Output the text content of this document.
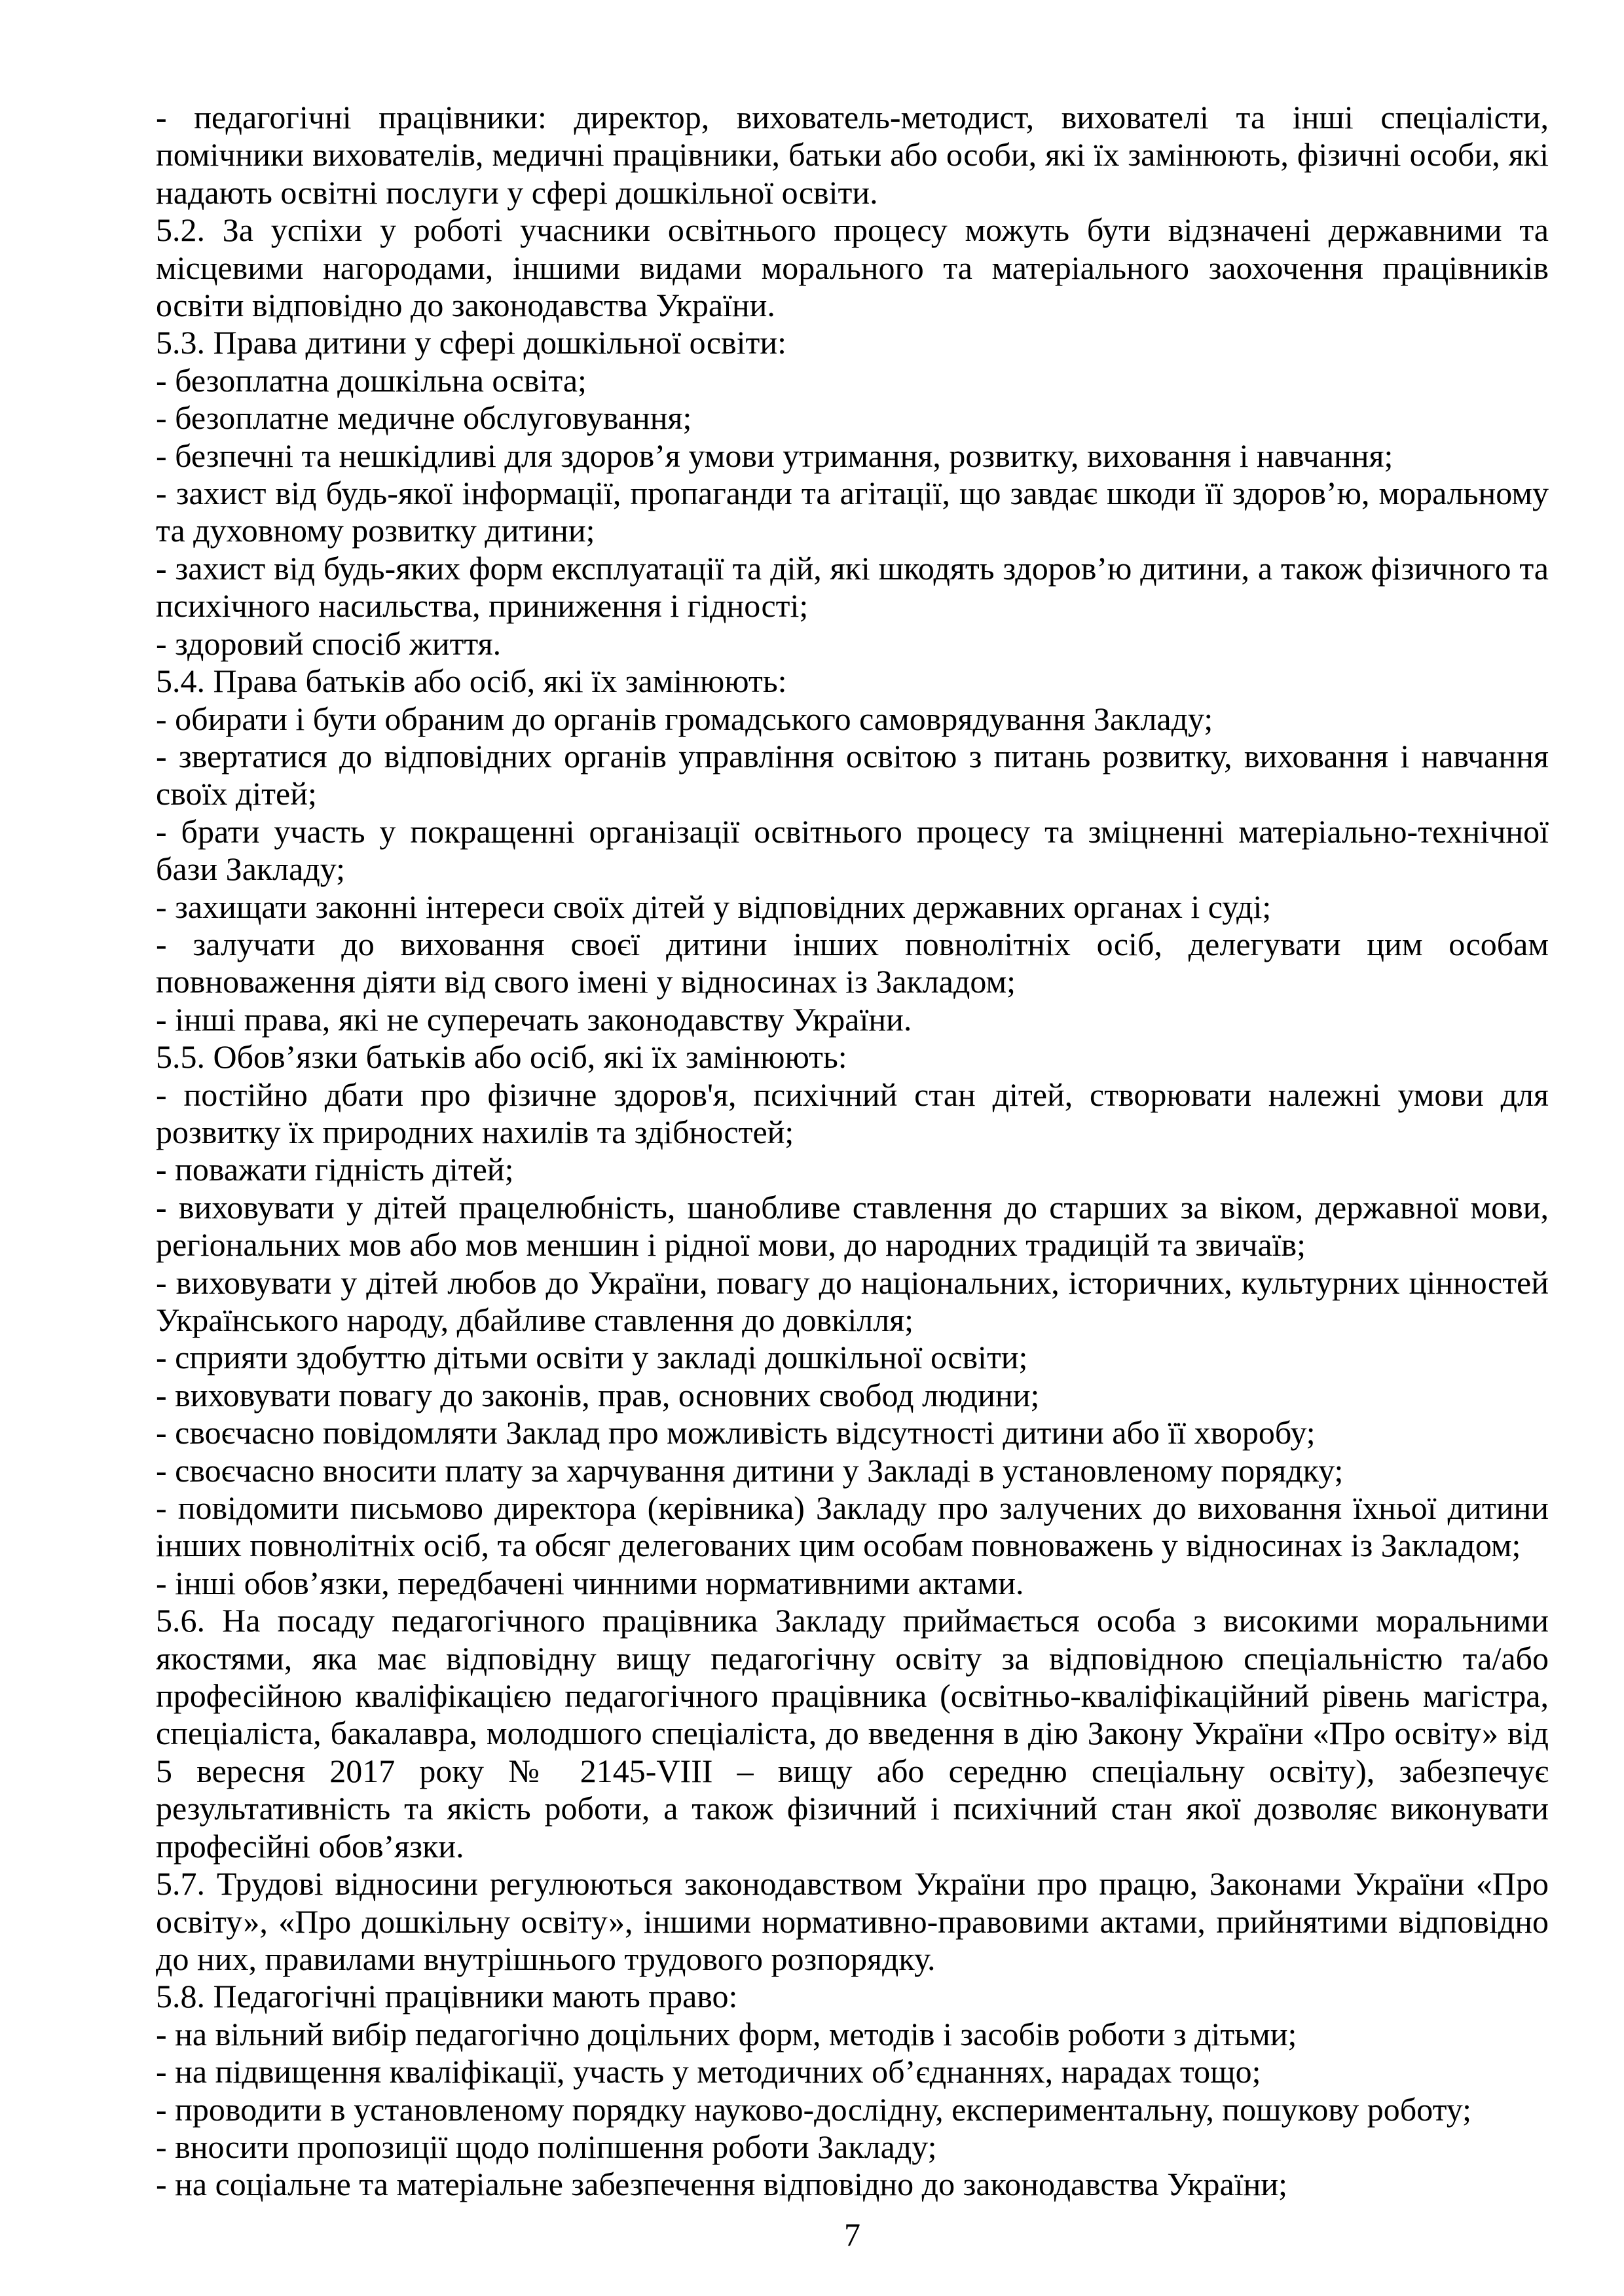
- педагогічні працівники: директор, вихователь-методист, вихователі та інші спеціалісти, помічники вихователів, медичні працівники, батьки або особи, які їх замінюють, фізичні особи, які надають освітні послуги у сфері дошкільної освіти.

5.2. За успіхи у роботі учасники освітнього процесу можуть бути відзначені державними та місцевими нагородами, іншими видами морального та матеріального заохочення працівників освіти відповідно до законодавства України.

5.3. Права дитини у сфері дошкільної освіти:

- безоплатна дошкільна освіта;

- безоплатне медичне обслуговування;

- безпечні та нешкідливі для здоров’я умови утримання, розвитку, виховання і навчання;

- захист від будь-якої інформації, пропаганди та агітації, що завдає шкоди її здоров’ю, моральному та духовному розвитку дитини;

- захист від будь-яких форм експлуатації та дій, які шкодять здоров’ю дитини, а також фізичного та психічного насильства, приниження і гідності;

- здоровий спосіб життя.

5.4. Права батьків або осіб, які їх замінюють:

- обирати і бути обраним до органів громадського самоврядування Закладу;

- звертатися до відповідних органів управління освітою з питань розвитку, виховання і навчання своїх дітей;

- брати участь у покращенні організації освітнього процесу та зміцненні матеріально-технічної бази Закладу;

- захищати законні інтереси своїх дітей у відповідних державних органах і суді;

- залучати до виховання своєї дитини інших повнолітніх осіб, делегувати цим особам повноваження діяти від свого імені у відносинах із Закладом;

- інші права, які не суперечать законодавству України.

5.5. Обов’язки батьків або осіб, які їх замінюють:

- постійно дбати про фізичне здоров'я, психічний стан дітей, створювати належні умови для розвитку їх природних нахилів та здібностей;

- поважати гідність дітей;

- виховувати у дітей працелюбність, шанобливе ставлення до старших за віком, державної мови, регіональних мов або мов меншин і рідної мови, до народних традицій та звичаїв;

- виховувати у дітей любов до України, повагу до національних, історичних, культурних цінностей Українського народу, дбайливе ставлення до довкілля;

- сприяти здобуттю дітьми освіти у закладі дошкільної освіти;

- виховувати повагу до законів, прав, основних свобод людини;

- своєчасно повідомляти Заклад про можливість відсутності дитини або її хворобу;

- своєчасно вносити плату за харчування дитини у Закладі в установленому порядку;

- повідомити письмово директора (керівника) Закладу про залучених до виховання їхньої дитини інших повнолітніх осіб, та обсяг делегованих цим особам повноважень у відносинах із Закладом;

- інші обов’язки, передбачені чинними нормативними актами.

5.6. На посаду педагогічного працівника Закладу приймається особа з високими моральними якостями, яка має відповідну вищу педагогічну освіту за відповідною спеціальністю та/або професійною кваліфікацією педагогічного працівника (освітньо-кваліфікаційний рівень магістра, спеціаліста, бакалавра, молодшого спеціаліста, до введення в дію Закону України «Про освіту» від 5 вересня 2017 року № 2145-VIII – вищу або середню спеціальну освіту), забезпечує результативність та якість роботи, а також фізичний і психічний стан якої дозволяє виконувати професійні обов’язки.

5.7. Трудові відносини регулюються законодавством України про працю, Законами України «Про освіту», «Про дошкільну освіту», іншими нормативно-правовими актами, прийнятими відповідно до них, правилами внутрішнього трудового розпорядку.

5.8. Педагогічні працівники мають право:

- на вільний вибір педагогічно доцільних форм, методів і засобів роботи з дітьми;

- на підвищення кваліфікації, участь у методичних об’єднаннях, нарадах тощо;

- проводити в установленому порядку науково-дослідну, експериментальну, пошукову роботу;

- вносити пропозиції щодо поліпшення роботи Закладу;

- на соціальне та матеріальне забезпечення відповідно до законодавства України;

7
